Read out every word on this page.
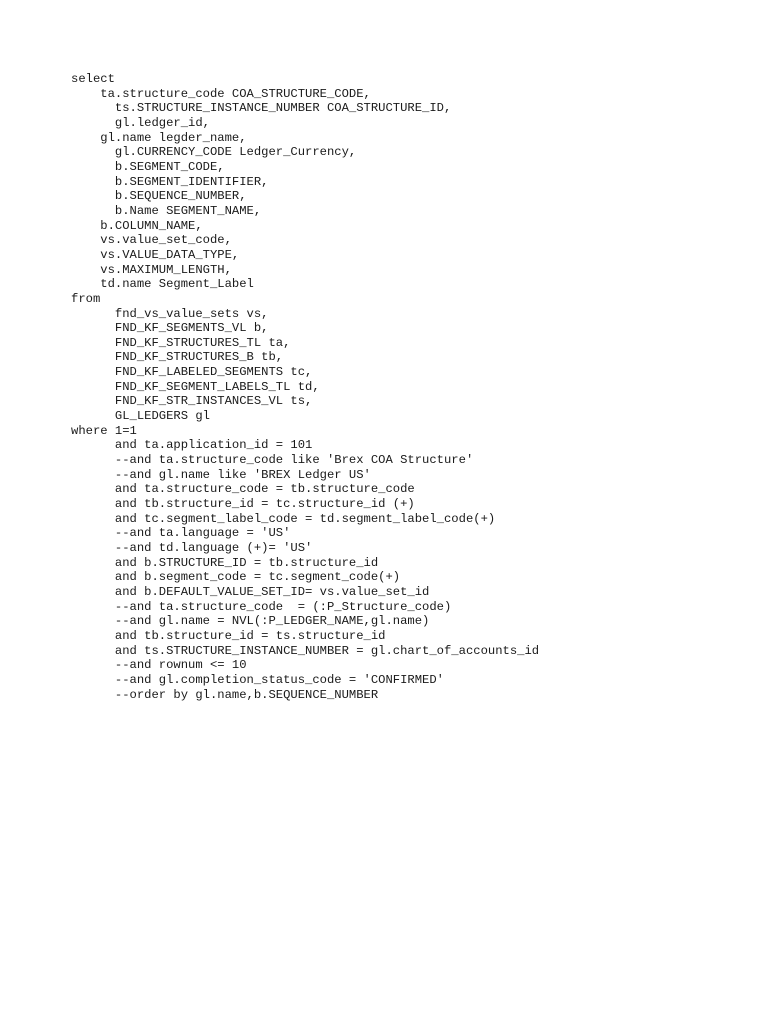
select
ta.structure_code COA_STRUCTURE_CODE,
ts.STRUCTURE_INSTANCE_NUMBER COA_STRUCTURE_ID,
gl.ledger_id,
gl.name legder_name,
gl.CURRENCY_CODE Ledger_Currency,
b.SEGMENT_CODE,
b.SEGMENT_IDENTIFIER,
b.SEQUENCE_NUMBER,
b.Name SEGMENT_NAME,
b.COLUMN_NAME,
vs.value_set_code,
vs.VALUE_DATA_TYPE,
vs.MAXIMUM_LENGTH,
td.name Segment_Label
from
fnd_vs_value_sets vs,
FND_KF_SEGMENTS_VL b,
FND_KF_STRUCTURES_TL ta,
FND_KF_STRUCTURES_B tb,
FND_KF_LABELED_SEGMENTS tc,
FND_KF_SEGMENT_LABELS_TL td,
FND_KF_STR_INSTANCES_VL ts,
GL_LEDGERS gl
where 1=1
and ta.application_id = 101
--and ta.structure_code like 'Brex COA Structure'
--and gl.name like 'BREX Ledger US'
and ta.structure_code = tb.structure_code
and tb.structure_id = tc.structure_id (+)
and tc.segment_label_code = td.segment_label_code(+)
--and ta.language = 'US'
--and td.language (+)= 'US'
and b.STRUCTURE_ID = tb.structure_id
and b.segment_code = tc.segment_code(+)
and b.DEFAULT_VALUE_SET_ID= vs.value_set_id
--and ta.structure_code  = (:P_Structure_code)
--and gl.name = NVL(:P_LEDGER_NAME,gl.name)
and tb.structure_id = ts.structure_id
and ts.STRUCTURE_INSTANCE_NUMBER = gl.chart_of_accounts_id
--and rownum <= 10
--and gl.completion_status_code = 'CONFIRMED'
--order by gl.name,b.SEQUENCE_NUMBER
